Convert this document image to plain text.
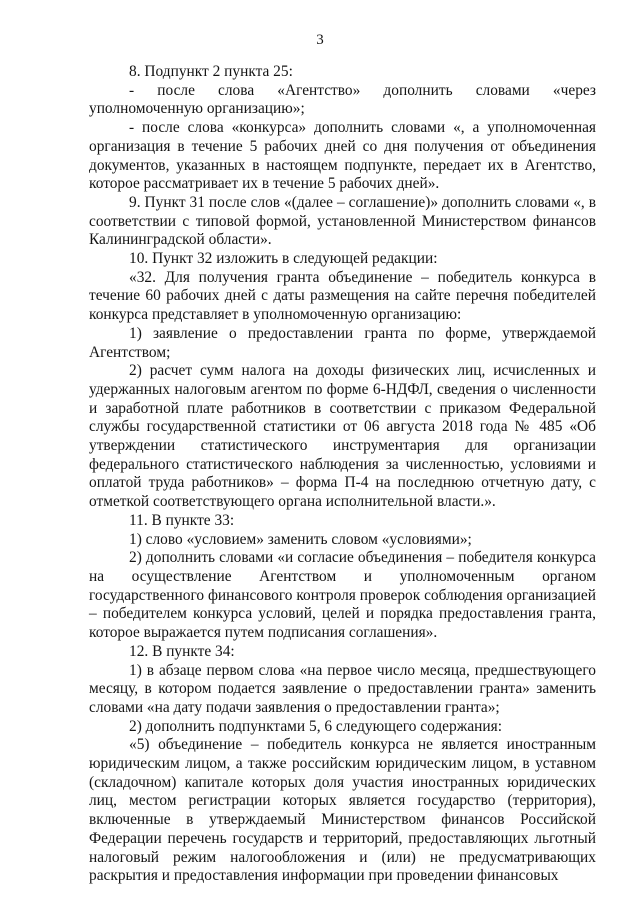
3

8. Подпункт 2 пункта 25:

- после слова «Агентство» дополнить словами «через уполномоченную организацию»;

- после слова «конкурса» дополнить словами «, а уполномоченная организация в течение 5 рабочих дней со дня получения от объединения документов, указанных в настоящем подпункте, передает их в Агентство, которое рассматривает их в течение 5 рабочих дней».

9. Пункт 31 после слов «(далее – соглашение)» дополнить словами «, в соответствии с типовой формой, установленной Министерством финансов Калининградской области».

10. Пункт 32 изложить в следующей редакции:

«32. Для получения гранта объединение – победитель конкурса в течение 60 рабочих дней с даты размещения на сайте перечня победителей конкурса представляет в уполномоченную организацию:

1) заявление о предоставлении гранта по форме, утверждаемой Агентством;

2) расчет сумм налога на доходы физических лиц, исчисленных и удержанных налоговым агентом по форме 6-НДФЛ, сведения о численности и заработной плате работников в соответствии с приказом Федеральной службы государственной статистики от 06 августа 2018 года № 485 «Об утверждении статистического инструментария для организации федерального статистического наблюдения за численностью, условиями и оплатой труда работников» – форма П-4 на последнюю отчетную дату, с отметкой соответствующего органа исполнительной власти.».

11. В пункте 33:

1) слово «условием» заменить словом «условиями»;

2) дополнить словами «и согласие объединения – победителя конкурса на осуществление Агентством и уполномоченным органом государственного финансового контроля проверок соблюдения организацией – победителем конкурса условий, целей и порядка предоставления гранта, которое выражается путем подписания соглашения».

12. В пункте 34:

1) в абзаце первом слова «на первое число месяца, предшествующего месяцу, в котором подается заявление о предоставлении гранта» заменить словами «на дату подачи заявления о предоставлении гранта»;

2) дополнить подпунктами 5, 6 следующего содержания:

«5) объединение – победитель конкурса не является иностранным юридическим лицом, а также российским юридическим лицом, в уставном (складочном) капитале которых доля участия иностранных юридических лиц, местом регистрации которых является государство (территория), включенные в утверждаемый Министерством финансов Российской Федерации перечень государств и территорий, предоставляющих льготный налоговый режим налогообложения и (или) не предусматривающих раскрытия и предоставления информации при проведении финансовых
